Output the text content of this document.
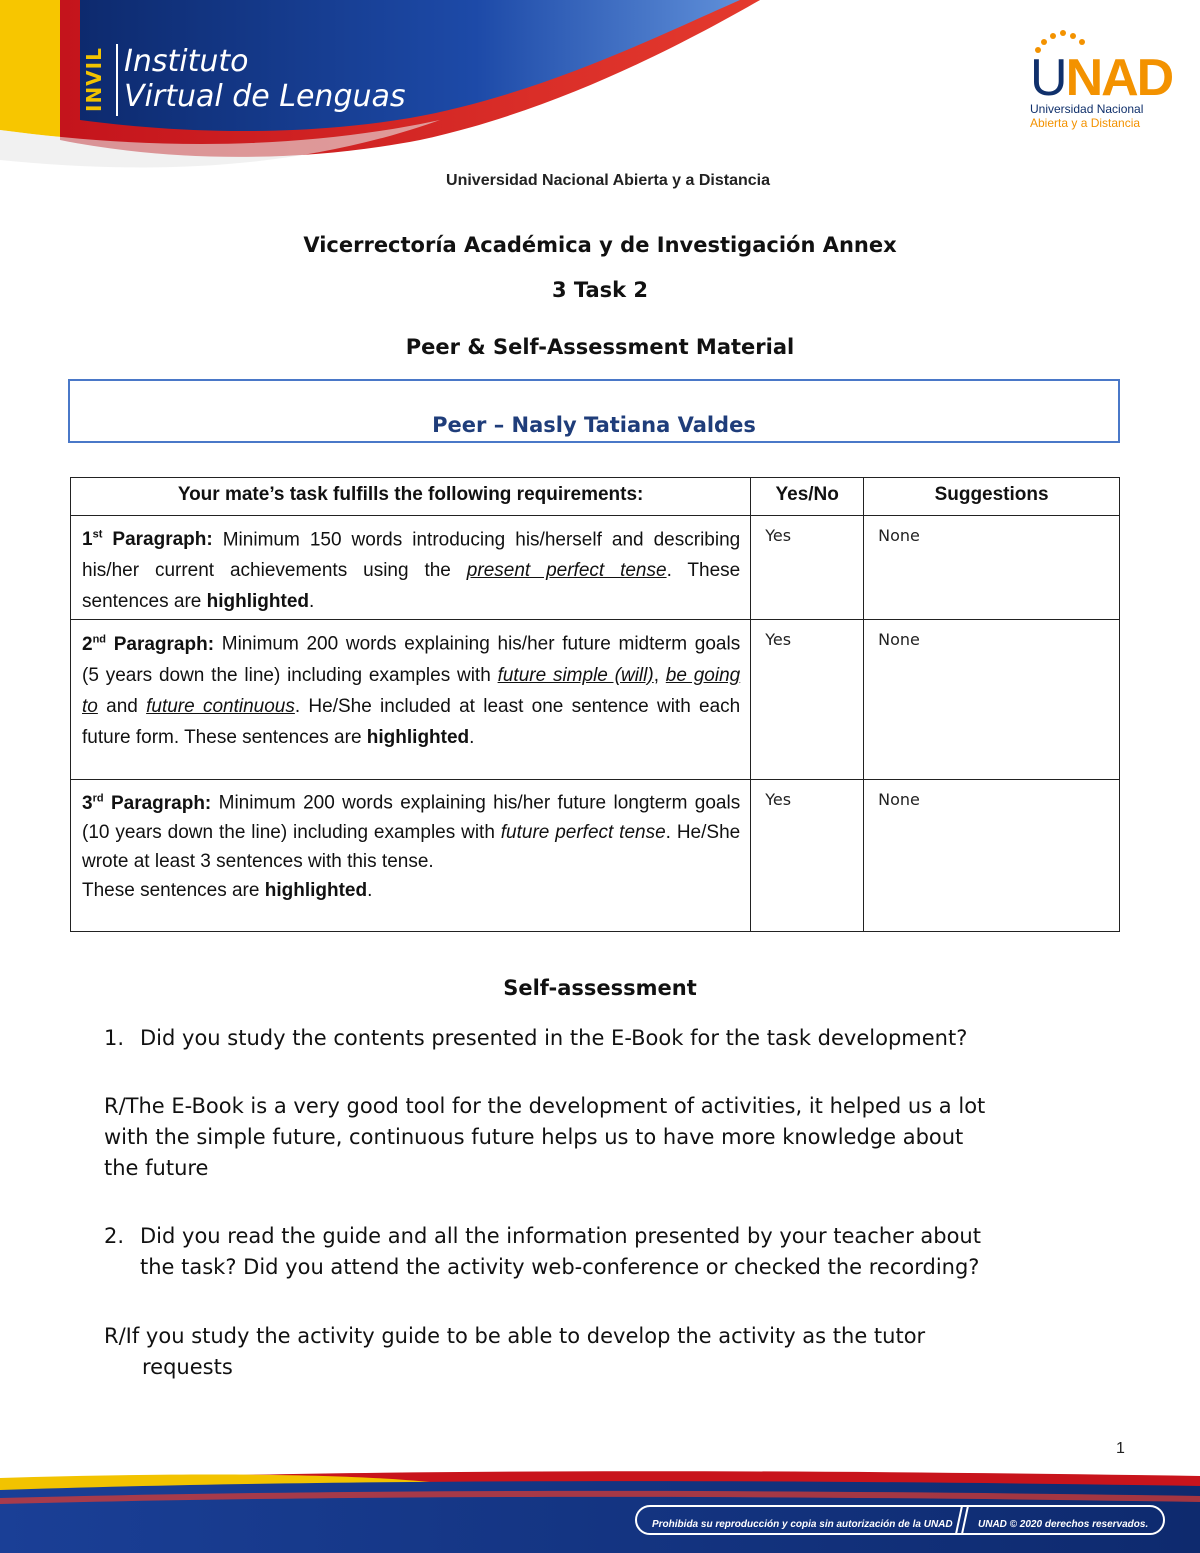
INVIL Instituto
Virtual de Lenguas	UNAD
Universidad Nacional
Abierta y a Distancia
Universidad Nacional Abierta y a Distancia
Vicerrectoría Académica y de Investigación Annex
3 Task 2
Peer & Self-Assessment Material
Peer – Nasly Tatiana Valdes
Your mate’s task fulfills the following requirements:	Yes/No	Suggestions
1st Paragraph: Minimum 150 words introducing his/herself and describing his/her current achievements using the present perfect tense. These sentences are highlighted.	Yes	None
2nd Paragraph: Minimum 200 words explaining his/her future midterm goals (5 years down the line) including examples with future simple (will), be going to and future continuous. He/She included at least one sentence with each future form. These sentences are highlighted.	Yes	None
3rd Paragraph: Minimum 200 words explaining his/her future longterm goals (10 years down the line) including examples with future perfect tense. He/She wrote at least 3 sentences with this tense.
These sentences are highlighted.	Yes	None
Self-assessment
1. Did you study the contents presented in the E-Book for the task development?
R/The E-Book is a very good tool for the development of activities, it helped us a lot
with the simple future, continuous future helps us to have more knowledge about
the future
2. Did you read the guide and all the information presented by your teacher about
the task? Did you attend the activity web-conference or checked the recording?
R/If you study the activity guide to be able to develop the activity as the tutor
requests
1
Prohibida su reproducción y copia sin autorización de la UNAD	UNAD © 2020 derechos reservados.
